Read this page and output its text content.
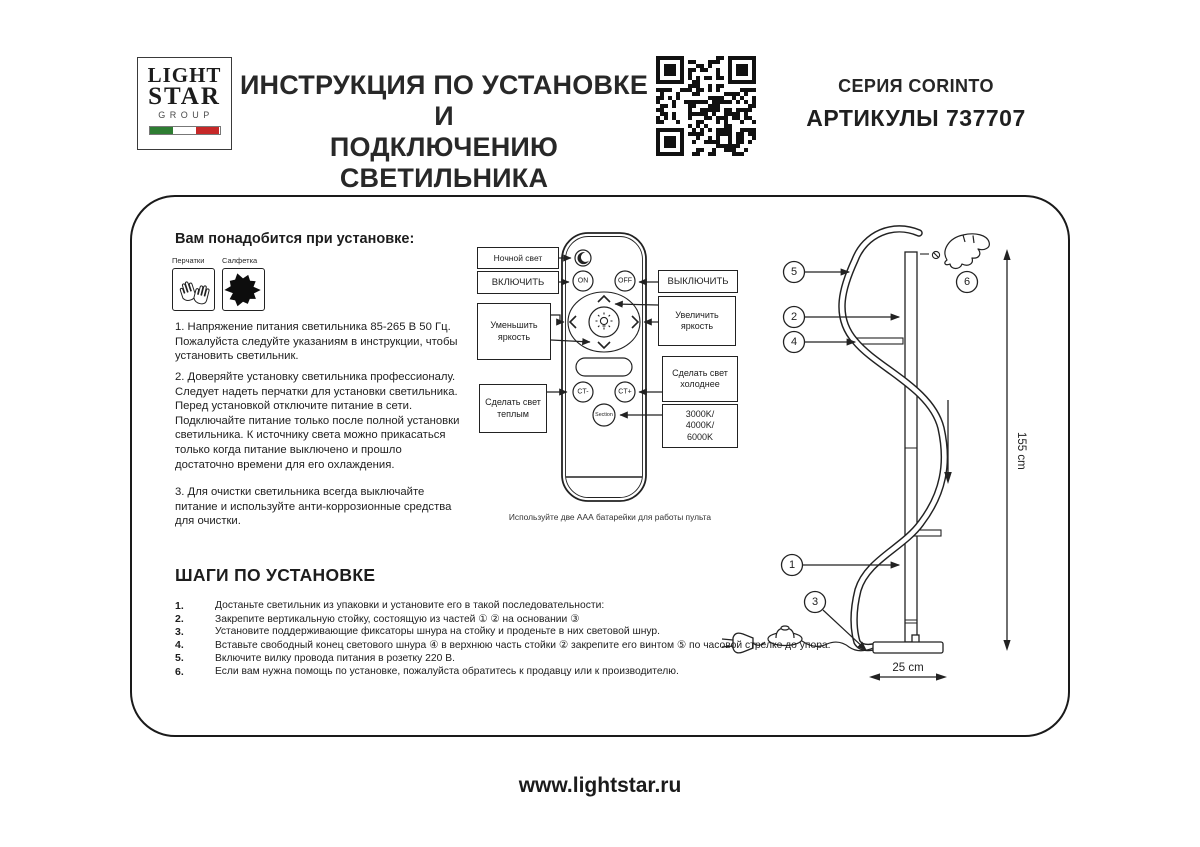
LIGHT
STAR
GROUP
ИНСТРУКЦИЯ ПО УСТАНОВКЕ И
ПОДКЛЮЧЕНИЮ СВЕТИЛЬНИКА
СЕРИЯ CORINTO
АРТИКУЛЫ 737707
Вам понадобится при установке:
Перчатки Салфетка
1. Напряжение питания светильника 85-265 В 50 Гц. Пожалуйста следуйте указаниям в инструкции, чтобы установить светильник.
2. Доверяйте установку светильника профессионалу. Следует надеть перчатки для установки светильника. Перед установкой отключите питание в сети. Подключайте питание только после полной установки светильника. К источнику света можно прикасаться только когда питание выключено и прошло достаточно времени для его охлаждения.
3. Для очистки светильника всегда выключайте питание и используйте анти-коррозионные средства для очистки.
ON	OFF
CT-	CT+
Section
Ночной свет
ВКЛЮЧИТЬ
Уменьшить яркость
Сделать свет теплым
ВЫКЛЮЧИТЬ
Увеличить яркость
Сделать свет холоднее
3000K/
4000K/
6000K
Используйте две ААА батарейки для работы пульта
5
2
4
1
3
6
155 cm
25 cm
ШАГИ ПО УСТАНОВКЕ
1.	Достаньте светильник из упаковки и установите его в такой последовательности:
2.	Закрепите вертикальную стойку, состоящую из частей ① ② на основании ③
3.	Установите поддерживающие фиксаторы шнура на стойку и проденьте в них световой шнур.
4.	Вставьте свободный конец светового шнура ④ в верхнюю часть стойки ② закрепите его винтом ⑤ по часовой стрелке до упора.
5.	Включите вилку провода питания в розетку 220 В.
6.	Если вам нужна помощь по установке, пожалуйста обратитесь к продавцу или к производителю.
www.lightstar.ru
